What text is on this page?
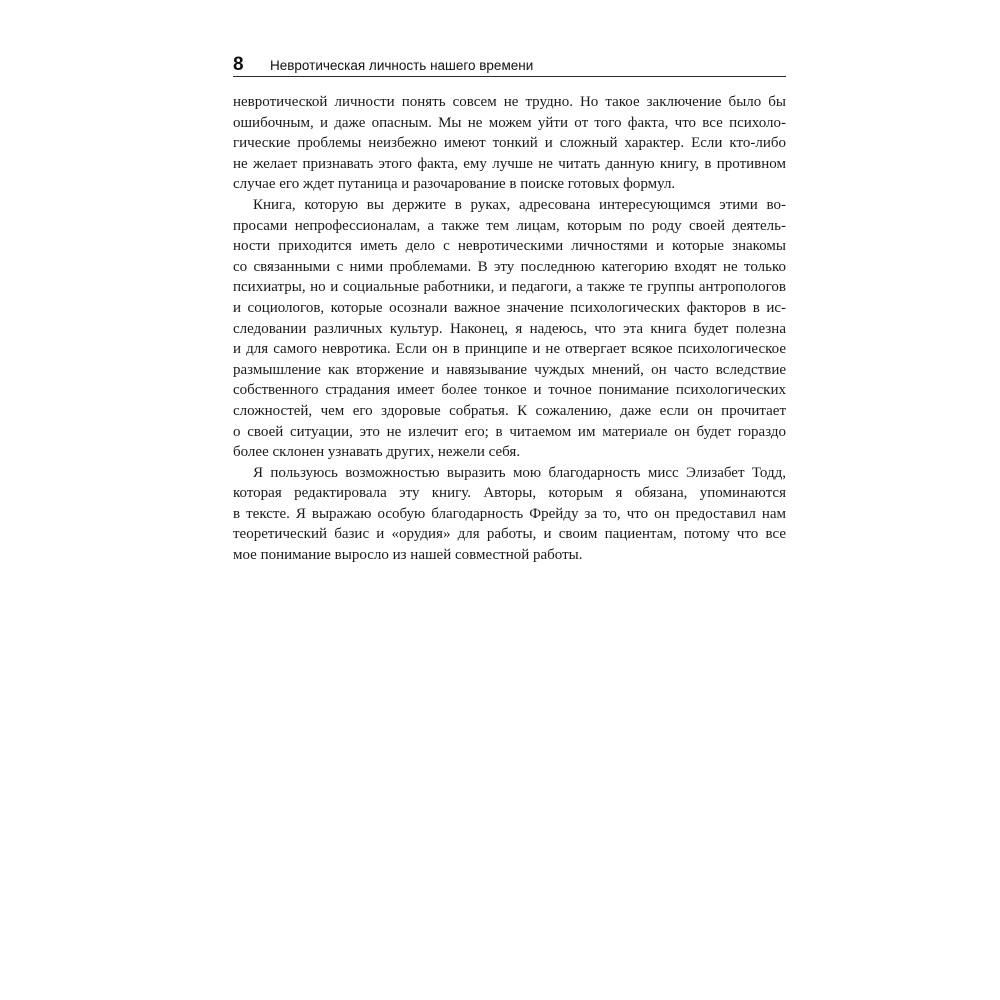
8 Невротическая личность нашего времени

невротической личности понять совсем не трудно. Но такое заключение было бы
ошибочным, и даже опасным. Мы не можем уйти от того факта, что все психоло-
гические проблемы неизбежно имеют тонкий и сложный характер. Если кто-либо
не желает признавать этого факта, ему лучше не читать данную книгу, в противном
случае его ждет путаница и разочарование в поиске готовых формул.

Книга, которую вы держите в руках, адресована интересующимся этими во-
просами непрофессионалам, а также тем лицам, которым по роду своей деятель-
ности приходится иметь дело с невротическими личностями и которые знакомы
со связанными с ними проблемами. В эту последнюю категорию входят не только
психиатры, но и социальные работники, и педагоги, а также те группы антропологов
и социологов, которые осознали важное значение психологических факторов в ис-
следовании различных культур. Наконец, я надеюсь, что эта книга будет полезна
и для самого невротика. Если он в принципе и не отвергает всякое психологическое
размышление как вторжение и навязывание чуждых мнений, он часто вследствие
собственного страдания имеет более тонкое и точное понимание психологических
сложностей, чем его здоровые собратья. К сожалению, даже если он прочитает
о своей ситуации, это не излечит его; в читаемом им материале он будет гораздо
более склонен узнавать других, нежели себя.

Я пользуюсь возможностью выразить мою благодарность мисс Элизабет Тодд,
которая редактировала эту книгу. Авторы, которым я обязана, упоминаются
в тексте. Я выражаю особую благодарность Фрейду за то, что он предоставил нам
теоретический базис и «орудия» для работы, и своим пациентам, потому что все
мое понимание выросло из нашей совместной работы.
